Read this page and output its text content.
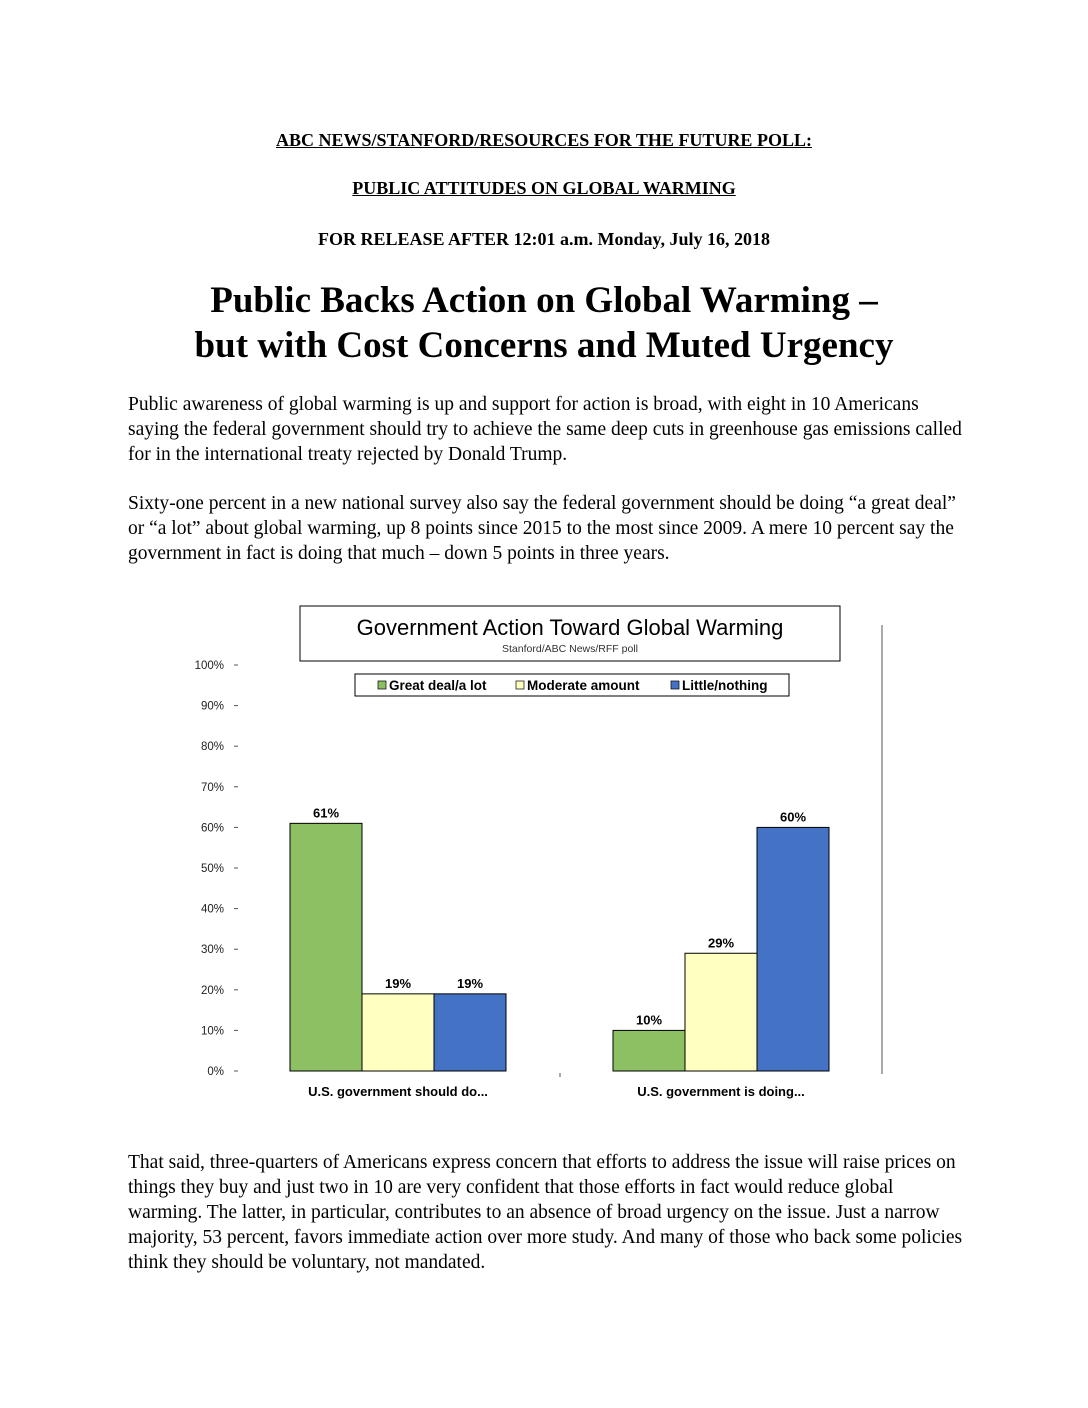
ABC NEWS/STANFORD/RESOURCES FOR THE FUTURE POLL:

PUBLIC ATTITUDES ON GLOBAL WARMING

FOR RELEASE AFTER 12:01 a.m. Monday, July 16, 2018

Public Backs Action on Global Warming –
but with Cost Concerns and Muted Urgency

Public awareness of global warming is up and support for action is broad, with eight in 10 Americans saying the federal government should try to achieve the same deep cuts in greenhouse gas emissions called for in the international treaty rejected by Donald Trump.

Sixty-one percent in a new national survey also say the federal government should be doing “a great deal” or “a lot” about global warming, up 8 points since 2015 to the most since 2009. A mere 10 percent say the government in fact is doing that much – down 5 points in three years.

0%
10%
20%
30%
40%
50%
60%
70%
80%
90%
100%
61%
10%
19%
29%
19%
60%
U.S. government should do...	U.S. government is doing...
Government Action Toward Global Warming
Stanford/ABC News/RFF poll
Great deal/a lot	Moderate amount	Little/nothing

That said, three-quarters of Americans express concern that efforts to address the issue will raise prices on things they buy and just two in 10 are very confident that those efforts in fact would reduce global warming. The latter, in particular, contributes to an absence of broad urgency on the issue. Just a narrow majority, 53 percent, favors immediate action over more study. And many of those who back some policies think they should be voluntary, not mandated.
